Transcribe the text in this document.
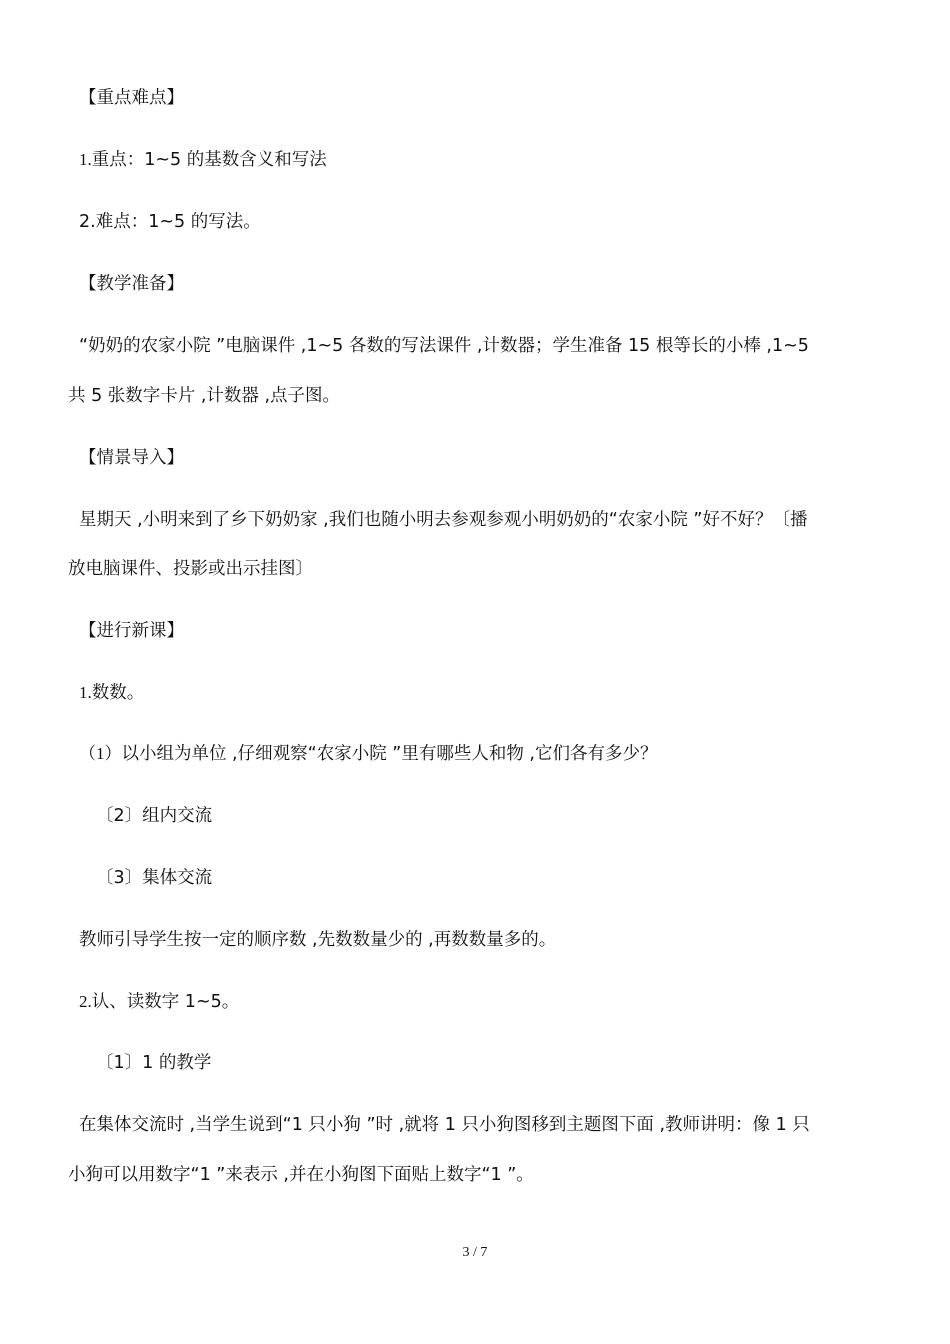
【重点难点】
1.重点：1~5 的基数含义和写法
2.难点：1~5 的写法。
【教学准备】
“奶奶的农家小院 ”电脑课件 ,1~5 各数的写法课件 ,计数器；学生准备 15 根等长的小棒 ,1~5
共 5 张数字卡片 ,计数器 ,点子图。
【情景导入】
星期天 ,小明来到了乡下奶奶家 ,我们也随小明去参观参观小明奶奶的“农家小院 ”好不好？〔播
放电脑课件、投影或出示挂图〕
【进行新课】
1.数数。
（1）以小组为单位 ,仔细观察“农家小院 ”里有哪些人和物 ,它们各有多少？
〔2〕组内交流
〔3〕集体交流
教师引导学生按一定的顺序数 ,先数数量少的 ,再数数量多的。
2.认、读数字 1~5。
〔1〕1 的教学
在集体交流时 ,当学生说到“1 只小狗 ”时 ,就将 1 只小狗图移到主题图下面 ,教师讲明：像 1 只
小狗可以用数字“1 ”来表示 ,并在小狗图下面贴上数字“1 ”。
3 / 7
